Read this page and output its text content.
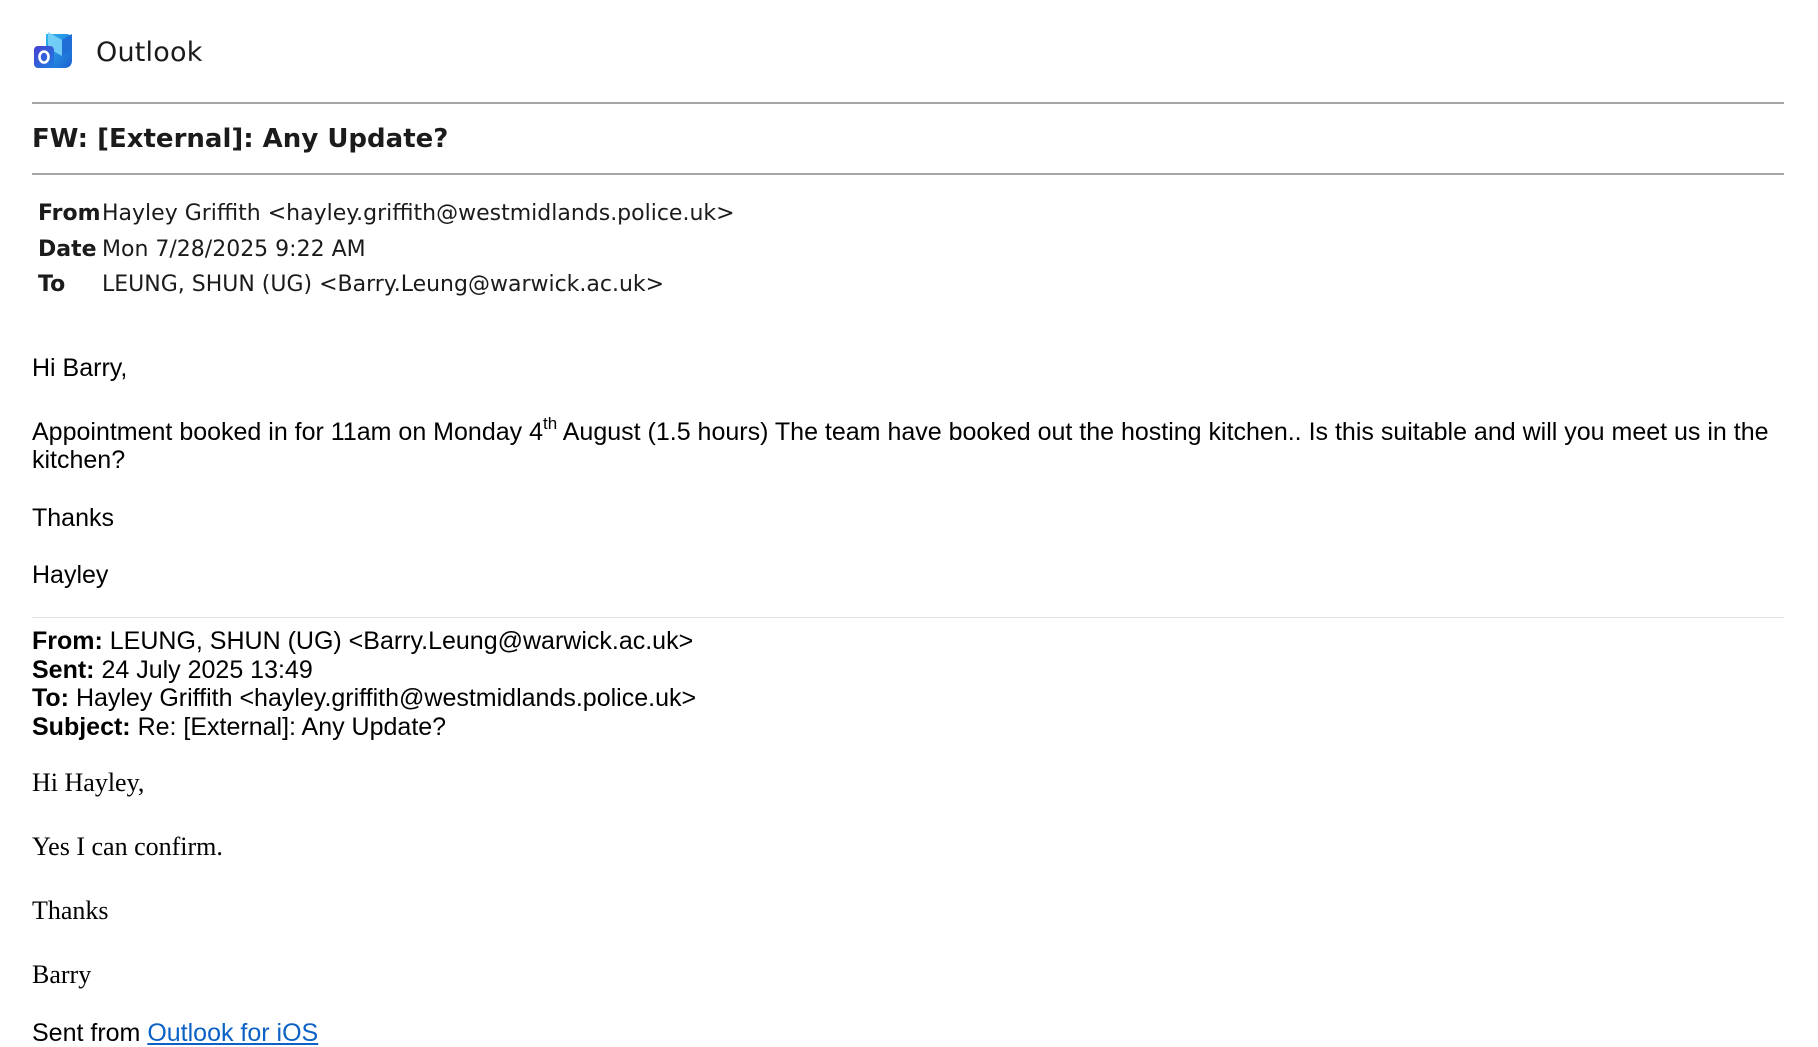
Outlook
FW: [External]: Any Update?
From Hayley Griffith <hayley.griffith@westmidlands.police.uk>
Date Mon 7/28/2025 9:22 AM
To	LEUNG, SHUN (UG) <Barry.Leung@warwick.ac.uk>
Hi Barry,
Appointment booked in for 11am on Monday 4th August (1.5 hours) The team have booked out the hosting kitchen.. Is this suitable and will you meet us in the kitchen?
Thanks
Hayley
From: LEUNG, SHUN (UG) <Barry.Leung@warwick.ac.uk>
Sent: 24 July 2025 13:49
To: Hayley Griffith <hayley.griffith@westmidlands.police.uk>
Subject: Re: [External]: Any Update?
Hi Hayley,
Yes I can confirm.
Thanks
Barry
Sent from Outlook for iOS
